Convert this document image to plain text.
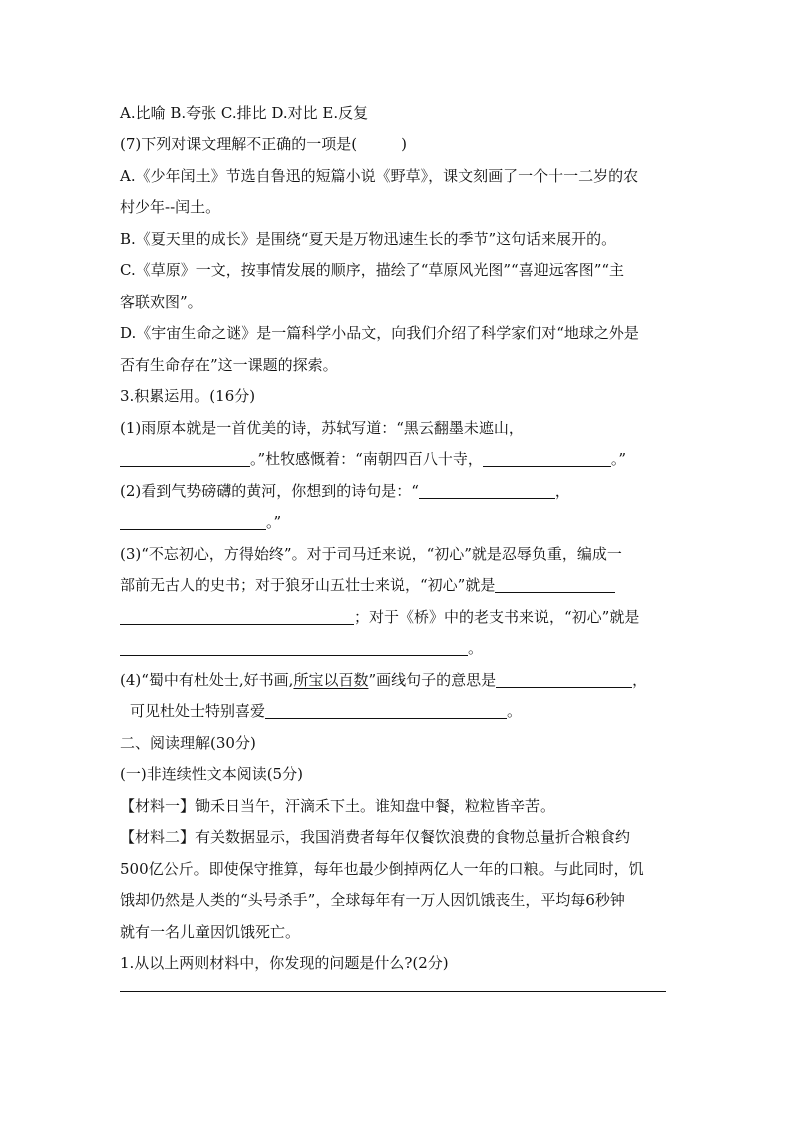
A.比喻 B.夸张 C.排比 D.对比 E.反复
(7)下列对课文理解不正确的一项是(	)
A.《少年闰土》节选自鲁迅的短篇小说《野草》，课文刻画了一个十一二岁的农
村少年--闰土。
B.《夏天里的成长》是围绕“夏天是万物迅速生长的季节”这句话来展开的。
C.《草原》一文，按事情发展的顺序，描绘了“草原风光图”“喜迎远客图”“主
客联欢图”。
D.《宇宙生命之谜》是一篇科学小品文，向我们介绍了科学家们对“地球之外是
否有生命存在”这一课题的探索。
3.积累运用。(16分)
(1)雨原本就是一首优美的诗，苏轼写道：“黑云翻墨未遮山，
。”杜牧感慨着：“南朝四百八十寺，	。”
(2)看到气势磅礴的黄河，你想到的诗句是：“	，
。”
(3)“不忘初心，方得始终”。对于司马迁来说，“初心”就是忍辱负重，编成一
部前无古人的史书；对于狼牙山五壮士来说，“初心”就是
；对于《桥》中的老支书来说，“初心”就是
。
(4)“蜀中有杜处士,好书画,所宝以百数”画线句子的意思是	，
可见杜处士特别喜爱	。
二、阅读理解(30分)
(一)非连续性文本阅读(5分)
【材料一】锄禾日当午，汗滴禾下土。谁知盘中餐，粒粒皆辛苦。
【材料二】有关数据显示，我国消费者每年仅餐饮浪费的食物总量折合粮食约
500亿公斤。即使保守推算，每年也最少倒掉两亿人一年的口粮。与此同时，饥
饿却仍然是人类的“头号杀手”，全球每年有一万人因饥饿丧生，平均每6秒钟
就有一名儿童因饥饿死亡。
1.从以上两则材料中，你发现的问题是什么?(2分)
